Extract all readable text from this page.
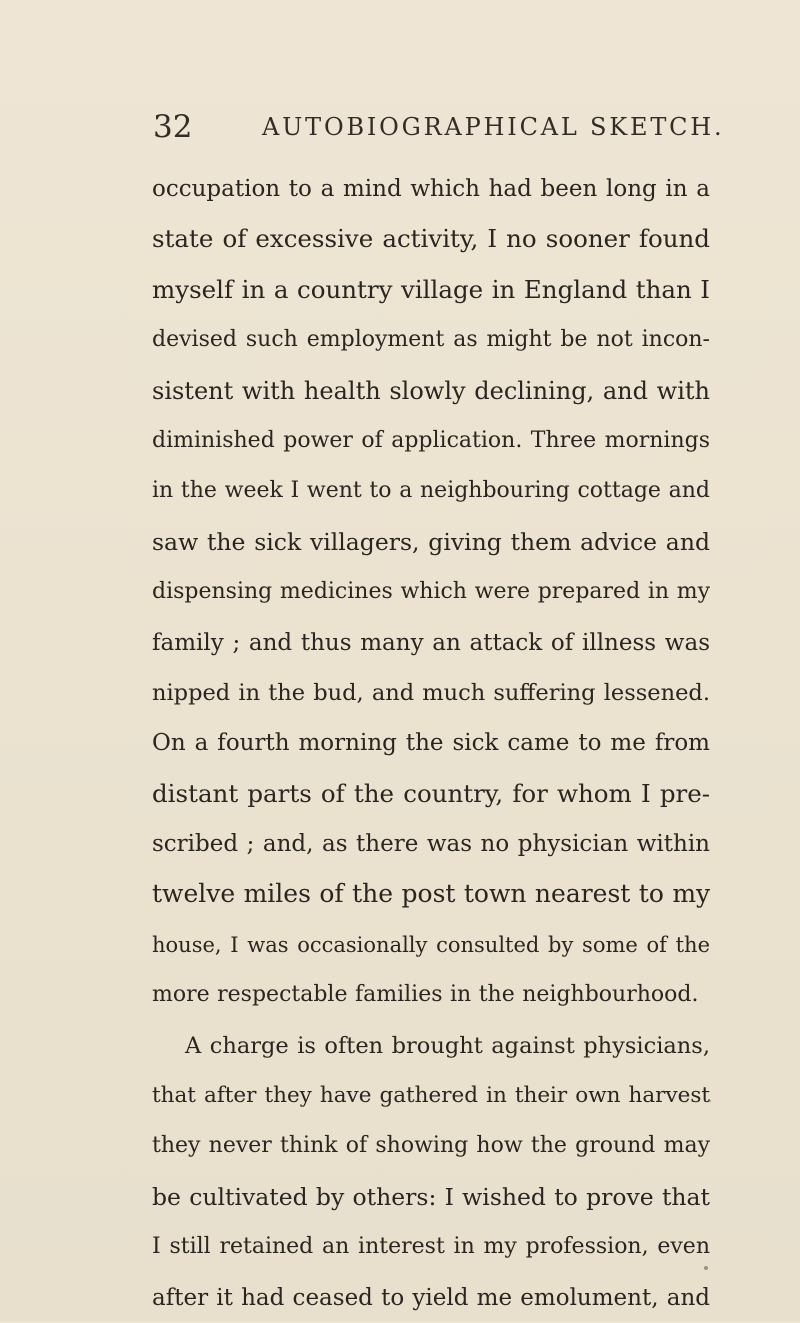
32	AUTOBIOGRAPHICAL SKETCH.
occupation to a mind which had been long in a
state of excessive activity, I no sooner found
myself in a country village in England than I
devised such employment as might be not incon-
sistent with health slowly declining, and with
diminished power of application. Three mornings
in the week I went to a neighbouring cottage and
saw the sick villagers, giving them advice and
dispensing medicines which were prepared in my
family ; and thus many an attack of illness was
nipped in the bud, and much suffering lessened.
On a fourth morning the sick came to me from
distant parts of the country, for whom I pre-
scribed ; and, as there was no physician within
twelve miles of the post town nearest to my
house, I was occasionally consulted by some of the
more respectable families in the neighbourhood.
A charge is often brought against physicians,
that after they have gathered in their own harvest
they never think of showing how the ground may
be cultivated by others: I wished to prove that
I still retained an interest in my profession, even
after it had ceased to yield me emolument, and
